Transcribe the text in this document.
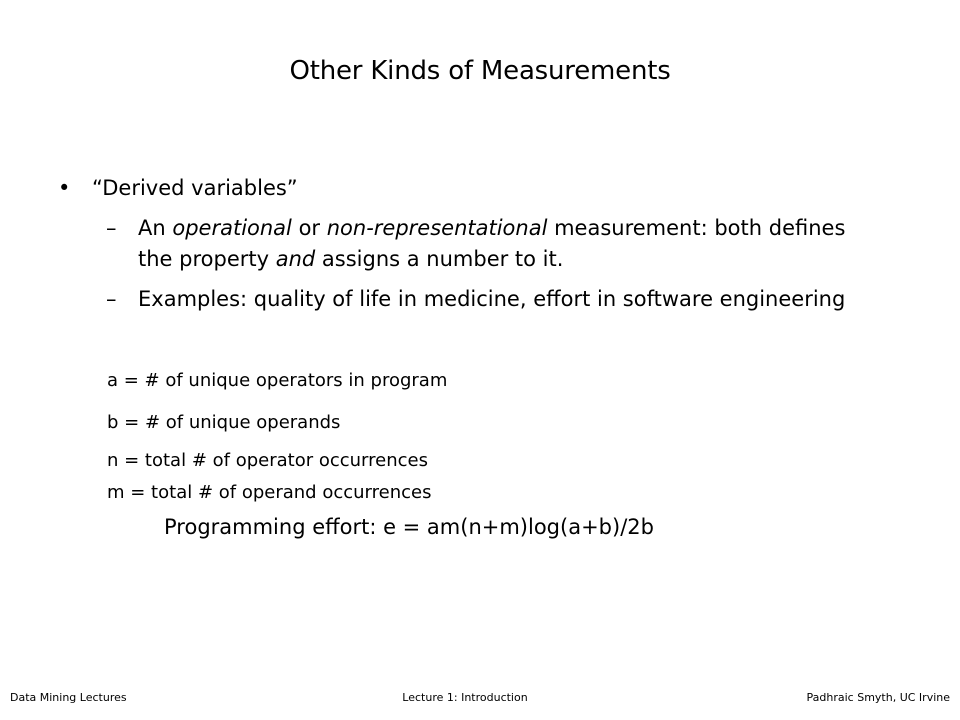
Other Kinds of Measurements
• “Derived variables”
– An operational or non-representational measurement: both defines the property and assigns a number to it.
– Examples: quality of life in medicine, effort in software engineering
a = # of unique operators in program
b = # of unique operands
n = total # of operator occurrences
m = total # of operand occurrences
Programming effort: e = am(n+m)log(a+b)/2b
Data Mining Lectures	Lecture 1: Introduction	Padhraic Smyth, UC Irvine
